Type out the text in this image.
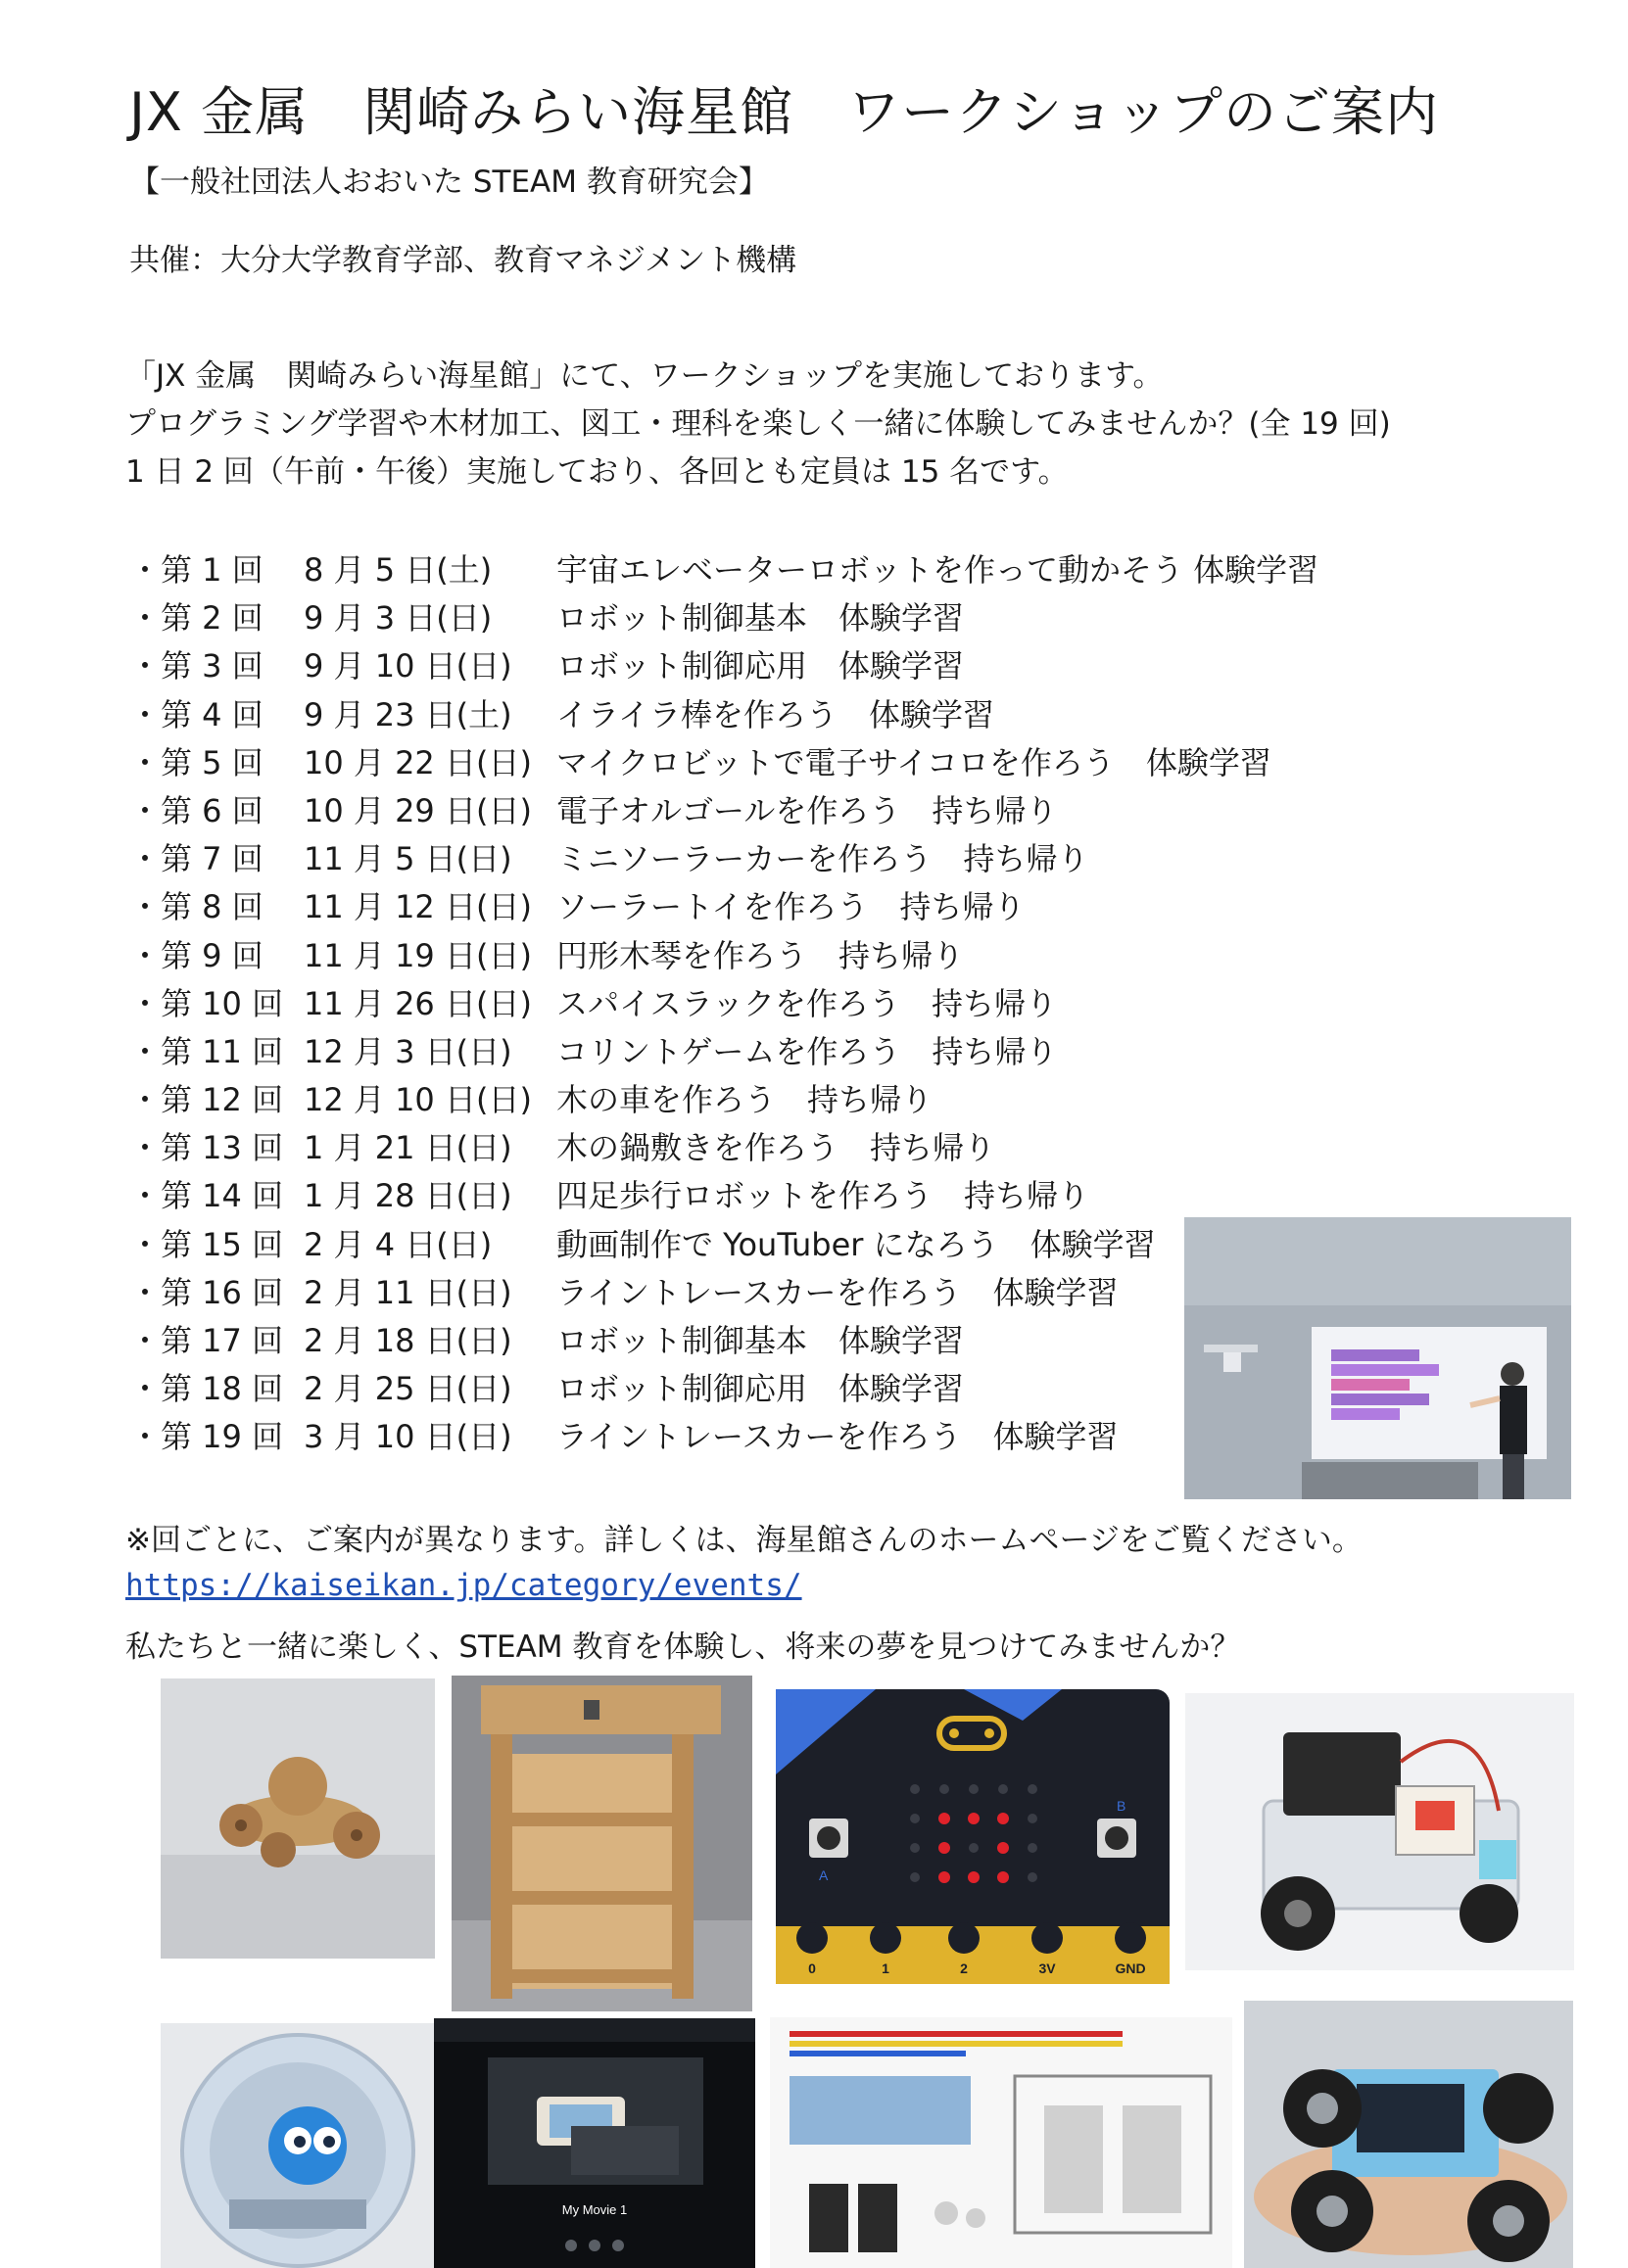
JX 金属　関崎みらい海星館　ワークショップのご案内
【一般社団法人おおいた STEAM 教育研究会】
共催：大分大学教育学部、教育マネジメント機構
「JX 金属　関崎みらい海星館」にて、ワークショップを実施しております。
プログラミング学習や木材加工、図工・理科を楽しく一緒に体験してみませんか？(全 19 回)
1 日 2 回（午前・午後）実施しており、各回とも定員は 15 名です。
・第 1 回 8 月 5 日(土) 宇宙エレベーターロボットを作って動かそう 体験学習
・第 2 回 9 月 3 日(日) ロボット制御基本　体験学習
・第 3 回 9 月 10 日(日) ロボット制御応用　体験学習
・第 4 回 9 月 23 日(土) イライラ棒を作ろう　体験学習
・第 5 回 10 月 22 日(日) マイクロビットで電子サイコロを作ろう　体験学習
・第 6 回 10 月 29 日(日) 電子オルゴールを作ろう　持ち帰り
・第 7 回 11 月 5 日(日) ミニソーラーカーを作ろう　持ち帰り
・第 8 回 11 月 12 日(日) ソーラートイを作ろう　持ち帰り
・第 9 回 11 月 19 日(日) 円形木琴を作ろう　持ち帰り
・第 10 回 11 月 26 日(日) スパイスラックを作ろう　持ち帰り
・第 11 回 12 月 3 日(日) コリントゲームを作ろう　持ち帰り
・第 12 回 12 月 10 日(日) 木の車を作ろう　持ち帰り
・第 13 回 1 月 21 日(日) 木の鍋敷きを作ろう　持ち帰り
・第 14 回 1 月 28 日(日) 四足歩行ロボットを作ろう　持ち帰り
・第 15 回 2 月 4 日(日) 動画制作で YouTuber になろう　体験学習
・第 16 回 2 月 11 日(日) ライントレースカーを作ろう　体験学習
・第 17 回 2 月 18 日(日) ロボット制御基本　体験学習
・第 18 回 2 月 25 日(日) ロボット制御応用　体験学習
・第 19 回 3 月 10 日(日) ライントレースカーを作ろう　体験学習
※回ごとに、ご案内が異なります。詳しくは、海星館さんのホームページをご覧ください。
https://kaiseikan.jp/category/events/
私たちと一緒に楽しく、STEAM 教育を体験し、将来の夢を見つけてみませんか？
A
B
0	1	2	3V	GND
My Movie 1
